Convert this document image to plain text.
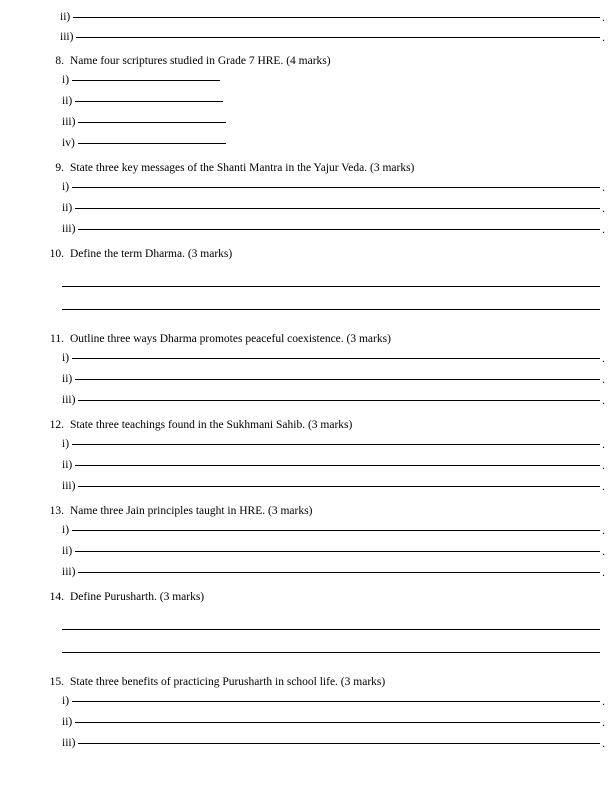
ii)
.
iii)
.
8. Name four scriptures studied in Grade 7 HRE. (4 marks)
i)
ii)
iii)
iv)
9. State three key messages of the Shanti Mantra in the Yajur Veda. (3 marks)
i)
.
ii)
.
iii)
.
10. Define the term Dharma. (3 marks)
11. Outline three ways Dharma promotes peaceful coexistence. (3 marks)
i)
.
ii)
.
iii)
.
12. State three teachings found in the Sukhmani Sahib. (3 marks)
i)
.
ii)
.
iii)
.
13. Name three Jain principles taught in HRE. (3 marks)
i)
.
ii)
.
iii)
.
14. Define Purusharth. (3 marks)
15. State three benefits of practicing Purusharth in school life. (3 marks)
i)
.
ii)
.
iii)
.
